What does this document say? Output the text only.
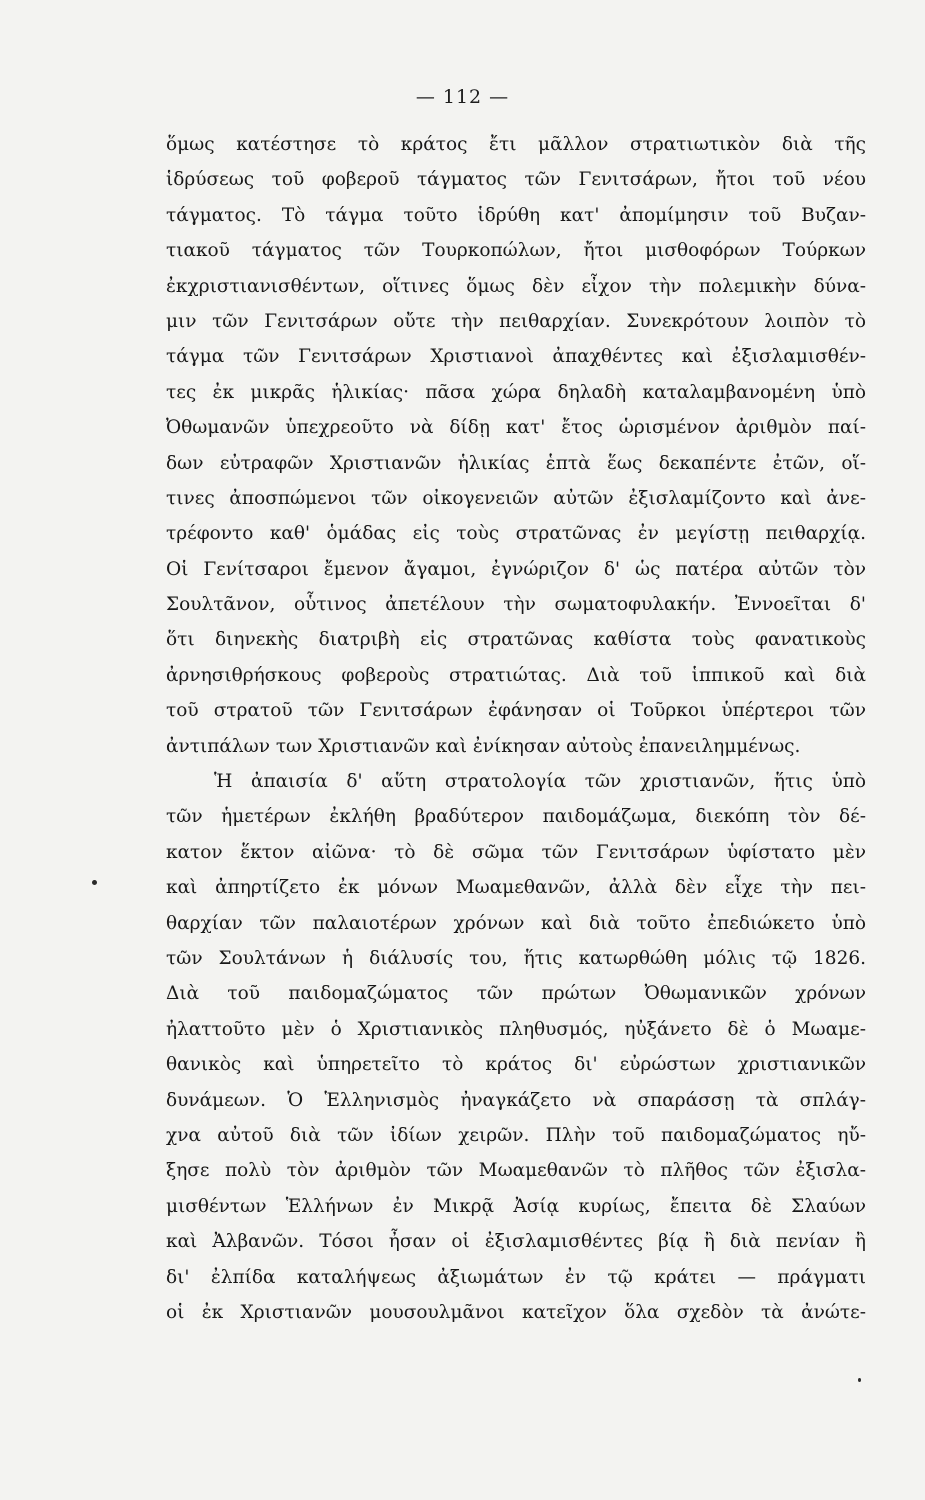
— 112 —
ὅμως κατέστησε τὸ κράτος ἔτι μᾶλλον στρατιωτικὸν διὰ τῆς
ἱδρύσεως τοῦ φοβεροῦ τάγματος τῶν Γενιτσάρων, ἤτοι τοῦ νέου
τάγματος. Τὸ τάγμα τοῦτο ἱδρύθη κατ' ἀπομίμησιν τοῦ Βυζαν-
τιακοῦ τάγματος τῶν Τουρκοπώλων, ἤτοι μισθοφόρων Τούρκων
ἐκχριστιανισθέντων, οἵτινες ὅμως δὲν εἶχον τὴν πολεμικὴν δύνα-
μιν τῶν Γενιτσάρων οὔτε τὴν πειθαρχίαν. Συνεκρότουν λοιπὸν τὸ
τάγμα τῶν Γενιτσάρων Χριστιανοὶ ἀπαχθέντες καὶ ἐξισλαμισθέν-
τες ἐκ μικρᾶς ἡλικίας· πᾶσα χώρα δηλαδὴ καταλαμβανομένη ὑπὸ
Ὀθωμανῶν ὑπεχρεοῦτο νὰ δίδῃ κατ' ἔτος ὡρισμένον ἀριθμὸν παί-
δων εὐτραφῶν Χριστιανῶν ἡλικίας ἑπτὰ ἕως δεκαπέντε ἐτῶν, οἵ-
τινες ἀποσπώμενοι τῶν οἰκογενειῶν αὐτῶν ἐξισλαμίζοντο καὶ ἀνε-
τρέφοντο καθ' ὁμάδας εἰς τοὺς στρατῶνας ἐν μεγίστῃ πειθαρχίᾳ.
Οἱ Γενίτσαροι ἔμενον ἄγαμοι, ἐγνώριζον δ' ὡς πατέρα αὐτῶν τὸν
Σουλτᾶνον, οὗτινος ἀπετέλουν τὴν σωματοφυλακήν. Ἐννοεῖται δ'
ὅτι διηνεκὴς διατριβὴ εἰς στρατῶνας καθίστα τοὺς φανατικοὺς
ἀρνησιθρήσκους φοβεροὺς στρατιώτας. Διὰ τοῦ ἱππικοῦ καὶ διὰ
τοῦ στρατοῦ τῶν Γενιτσάρων ἐφάνησαν οἱ Τοῦρκοι ὑπέρτεροι τῶν
ἀντιπάλων των Χριστιανῶν καὶ ἐνίκησαν αὐτοὺς ἐπανειλημμένως.
Ἡ ἀπαισία δ' αὕτη στρατολογία τῶν χριστιανῶν, ἥτις ὑπὸ
τῶν ἡμετέρων ἐκλήθη βραδύτερον παιδομάζωμα, διεκόπη τὸν δέ-
κατον ἕκτον αἰῶνα· τὸ δὲ σῶμα τῶν Γενιτσάρων ὑφίστατο μὲν
καὶ ἀπηρτίζετο ἐκ μόνων Μωαμεθανῶν, ἀλλὰ δὲν εἶχε τὴν πει-
θαρχίαν τῶν παλαιοτέρων χρόνων καὶ διὰ τοῦτο ἐπεδιώκετο ὑπὸ
τῶν Σουλτάνων ἡ διάλυσίς του, ἥτις κατωρθώθη μόλις τῷ 1826.
Διὰ τοῦ παιδομαζώματος τῶν πρώτων Ὀθωμανικῶν χρόνων
ἠλαττοῦτο μὲν ὁ Χριστιανικὸς πληθυσμός, ηὐξάνετο δὲ ὁ Μωαμε-
θανικὸς καὶ ὑπηρετεῖτο τὸ κράτος δι' εὐρώστων χριστιανικῶν
δυνάμεων. Ὁ Ἑλληνισμὸς ἠναγκάζετο νὰ σπαράσσῃ τὰ σπλάγ-
χνα αὐτοῦ διὰ τῶν ἰδίων χειρῶν. Πλὴν τοῦ παιδομαζώματος ηὔ-
ξησε πολὺ τὸν ἀριθμὸν τῶν Μωαμεθανῶν τὸ πλῆθος τῶν ἐξισλα-
μισθέντων Ἑλλήνων ἐν Μικρᾷ Ἀσίᾳ κυρίως, ἔπειτα δὲ Σλαύων
καὶ Ἀλβανῶν. Τόσοι ἦσαν οἱ ἐξισλαμισθέντες βίᾳ ἢ διὰ πενίαν ἢ
δι' ἐλπίδα καταλήψεως ἀξιωμάτων ἐν τῷ κράτει — πράγματι
οἱ ἐκ Χριστιανῶν μουσουλμᾶνοι κατεῖχον ὅλα σχεδὸν τὰ ἀνώτε-
